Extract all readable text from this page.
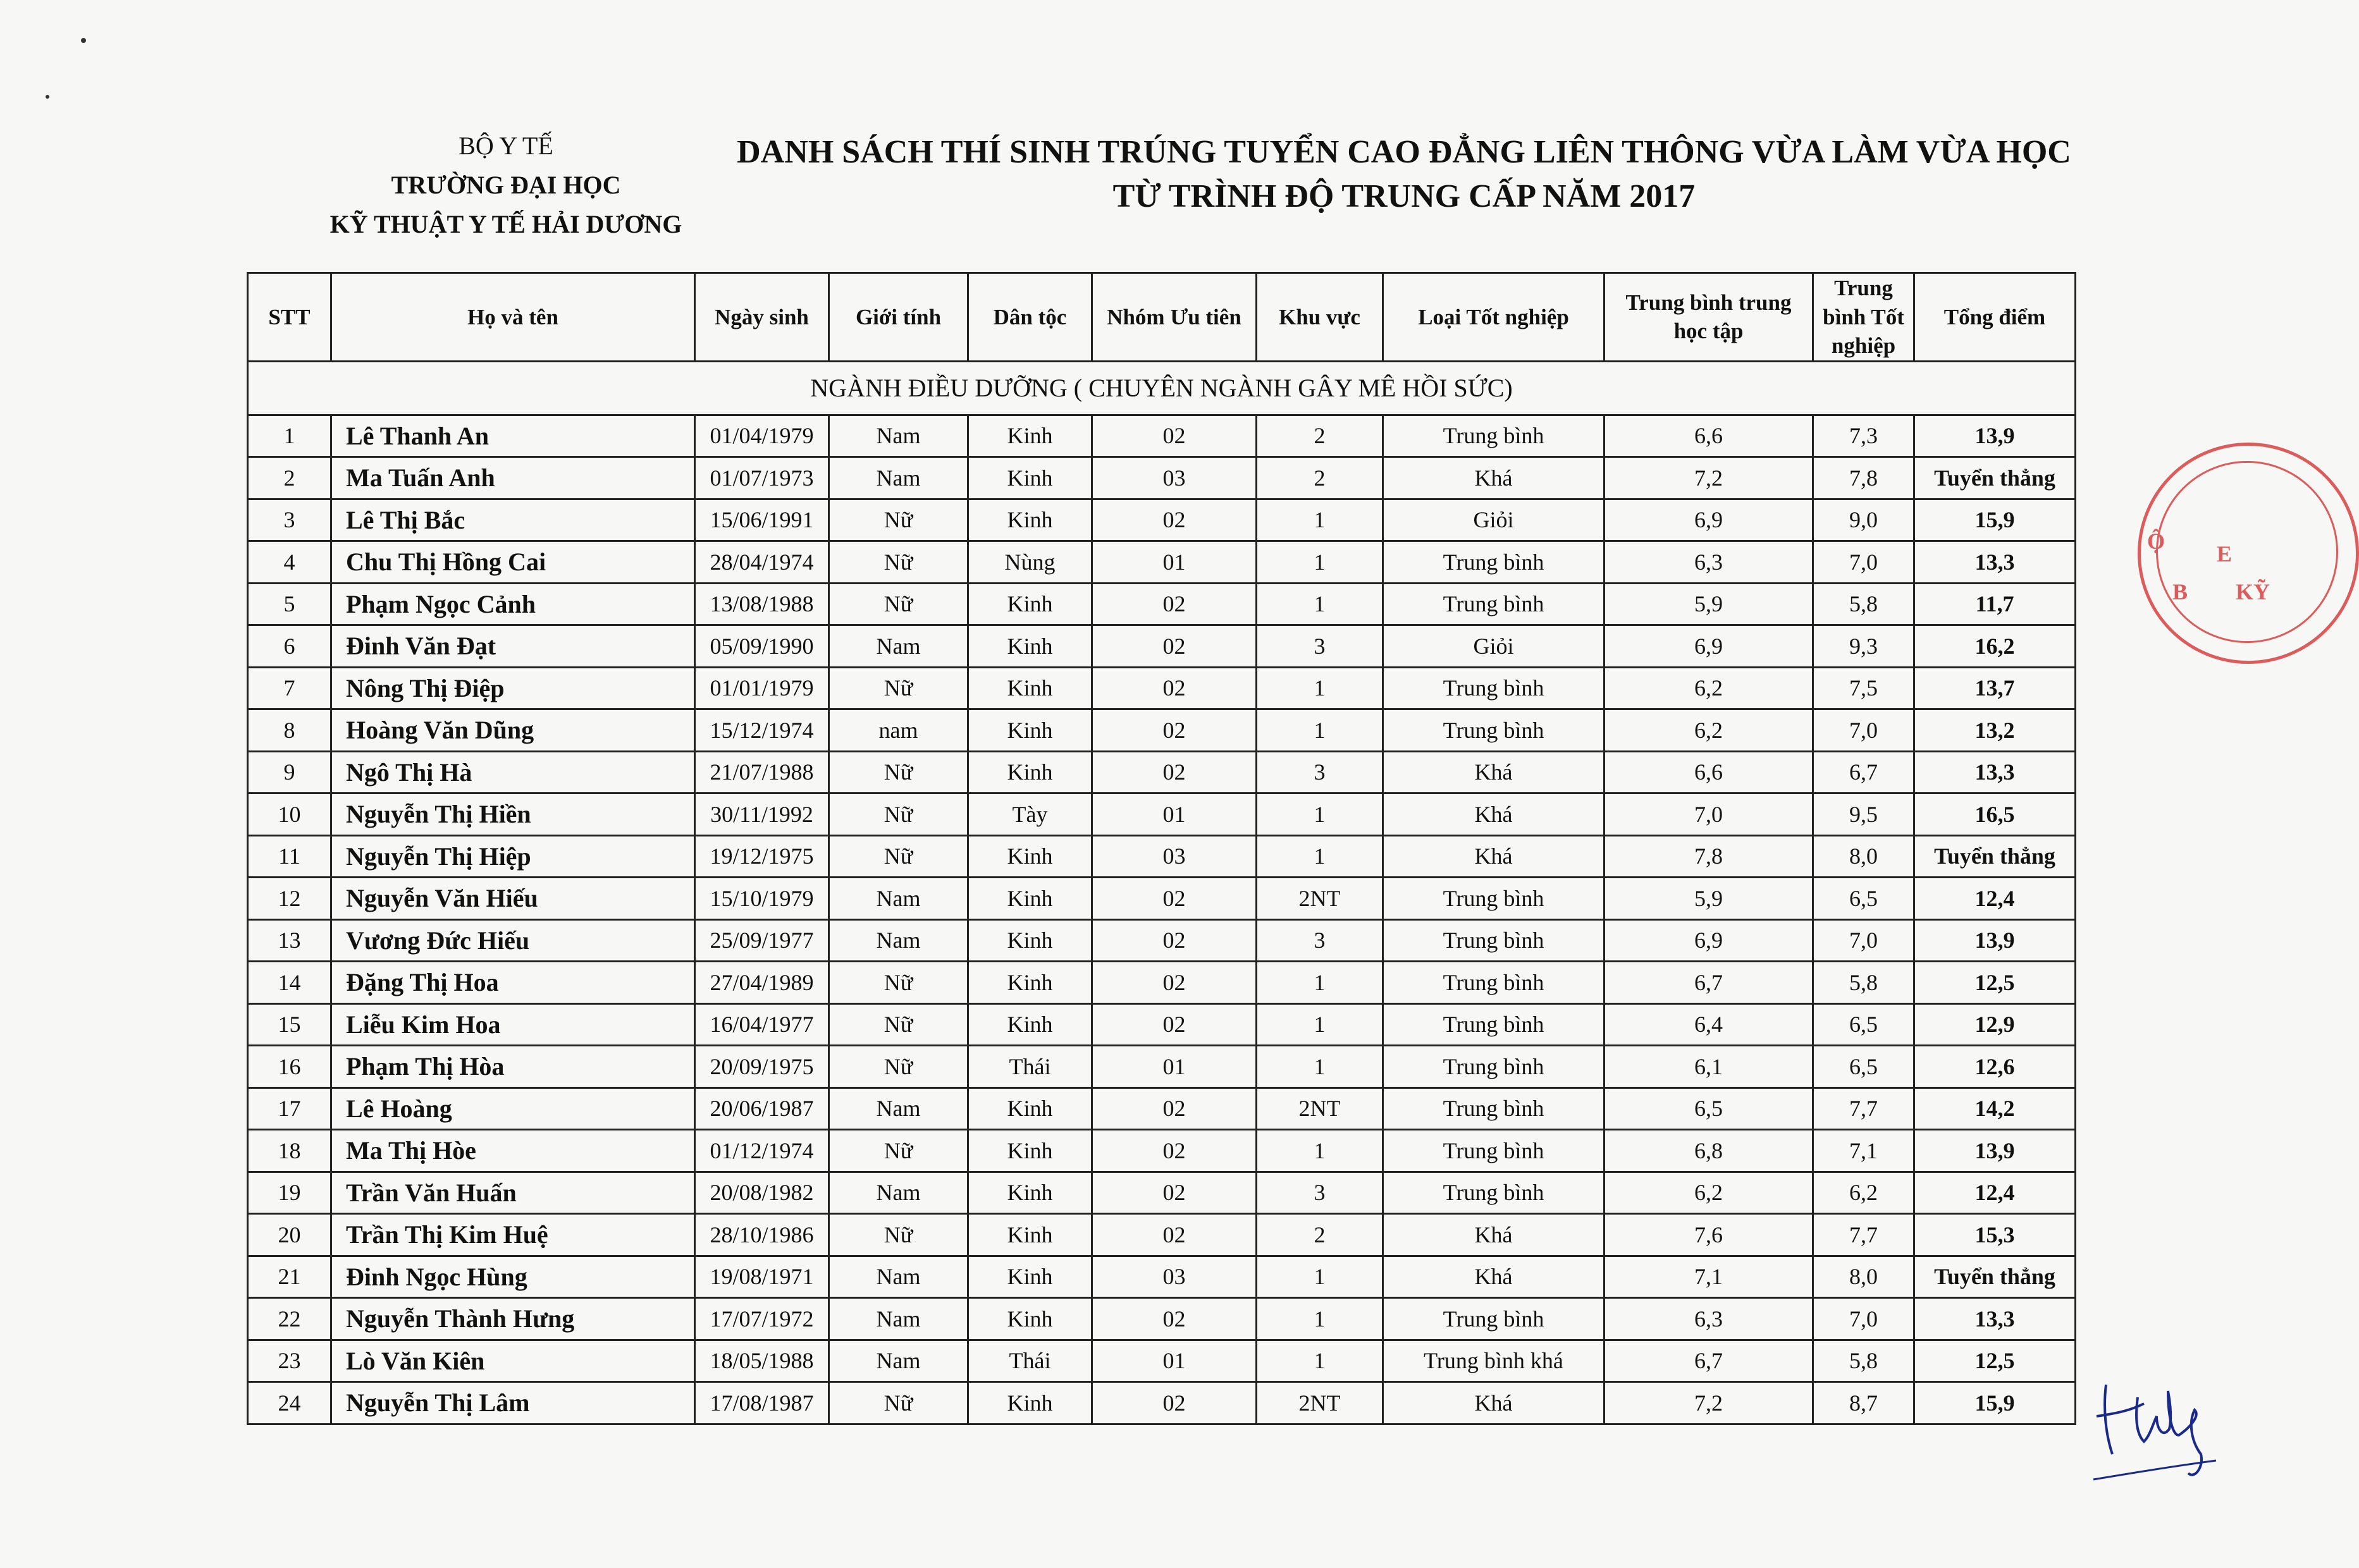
BỘ Y TẾ
TRƯỜNG ĐẠI HỌC
KỸ THUẬT Y TẾ HẢI DƯƠNG
DANH SÁCH THÍ SINH TRÚNG TUYỂN CAO ĐẲNG LIÊN THÔNG VỪA LÀM VỪA HỌC
TỪ TRÌNH ĐỘ TRUNG CẤP NĂM 2017
STT	Họ và tên	Ngày sinh	Giới tính	Dân tộc	Nhóm Ưu tiên	Khu vực	Loại Tốt nghiệp	Trung bình trung học tập	Trung bình Tốt nghiệp	Tổng điểm
NGÀNH ĐIỀU DƯỠNG ( CHUYÊN NGÀNH GÂY MÊ HỒI SỨC)										
1	Lê Thanh An	01/04/1979	Nam	Kinh	02	2	Trung bình	6,6	7,3	13,9
2	Ma Tuấn Anh	01/07/1973	Nam	Kinh	03	2	Khá	7,2	7,8	Tuyển thẳng
3	Lê Thị Bắc	15/06/1991	Nữ	Kinh	02	1	Giỏi	6,9	9,0	15,9
4	Chu Thị Hồng Cai	28/04/1974	Nữ	Nùng	01	1	Trung bình	6,3	7,0	13,3
5	Phạm Ngọc Cảnh	13/08/1988	Nữ	Kinh	02	1	Trung bình	5,9	5,8	11,7
6	Đinh Văn Đạt	05/09/1990	Nam	Kinh	02	3	Giỏi	6,9	9,3	16,2
7	Nông Thị Điệp	01/01/1979	Nữ	Kinh	02	1	Trung bình	6,2	7,5	13,7
8	Hoàng Văn Dũng	15/12/1974	nam	Kinh	02	1	Trung bình	6,2	7,0	13,2
9	Ngô Thị Hà	21/07/1988	Nữ	Kinh	02	3	Khá	6,6	6,7	13,3
10	Nguyễn Thị Hiền	30/11/1992	Nữ	Tày	01	1	Khá	7,0	9,5	16,5
11	Nguyễn Thị Hiệp	19/12/1975	Nữ	Kinh	03	1	Khá	7,8	8,0	Tuyển thẳng
12	Nguyễn Văn Hiếu	15/10/1979	Nam	Kinh	02	2NT	Trung bình	5,9	6,5	12,4
13	Vương Đức Hiếu	25/09/1977	Nam	Kinh	02	3	Trung bình	6,9	7,0	13,9
14	Đặng Thị Hoa	27/04/1989	Nữ	Kinh	02	1	Trung bình	6,7	5,8	12,5
15	Liễu Kim Hoa	16/04/1977	Nữ	Kinh	02	1	Trung bình	6,4	6,5	12,9
16	Phạm Thị Hòa	20/09/1975	Nữ	Thái	01	1	Trung bình	6,1	6,5	12,6
17	Lê Hoàng	20/06/1987	Nam	Kinh	02	2NT	Trung bình	6,5	7,7	14,2
18	Ma Thị Hòe	01/12/1974	Nữ	Kinh	02	1	Trung bình	6,8	7,1	13,9
19	Trần Văn Huấn	20/08/1982	Nam	Kinh	02	3	Trung bình	6,2	6,2	12,4
20	Trần Thị Kim Huệ	28/10/1986	Nữ	Kinh	02	2	Khá	7,6	7,7	15,3
21	Đinh Ngọc Hùng	19/08/1971	Nam	Kinh	03	1	Khá	7,1	8,0	Tuyển thẳng
22	Nguyễn Thành Hưng	17/07/1972	Nam	Kinh	02	1	Trung bình	6,3	7,0	13,3
23	Lò Văn Kiên	18/05/1988	Nam	Thái	01	1	Trung bình khá	6,7	5,8	12,5
24	Nguyễn Thị Lâm	17/08/1987	Nữ	Kinh	02	2NT	Khá	7,2	8,7	15,9
Ộ
B
E
KỸ
